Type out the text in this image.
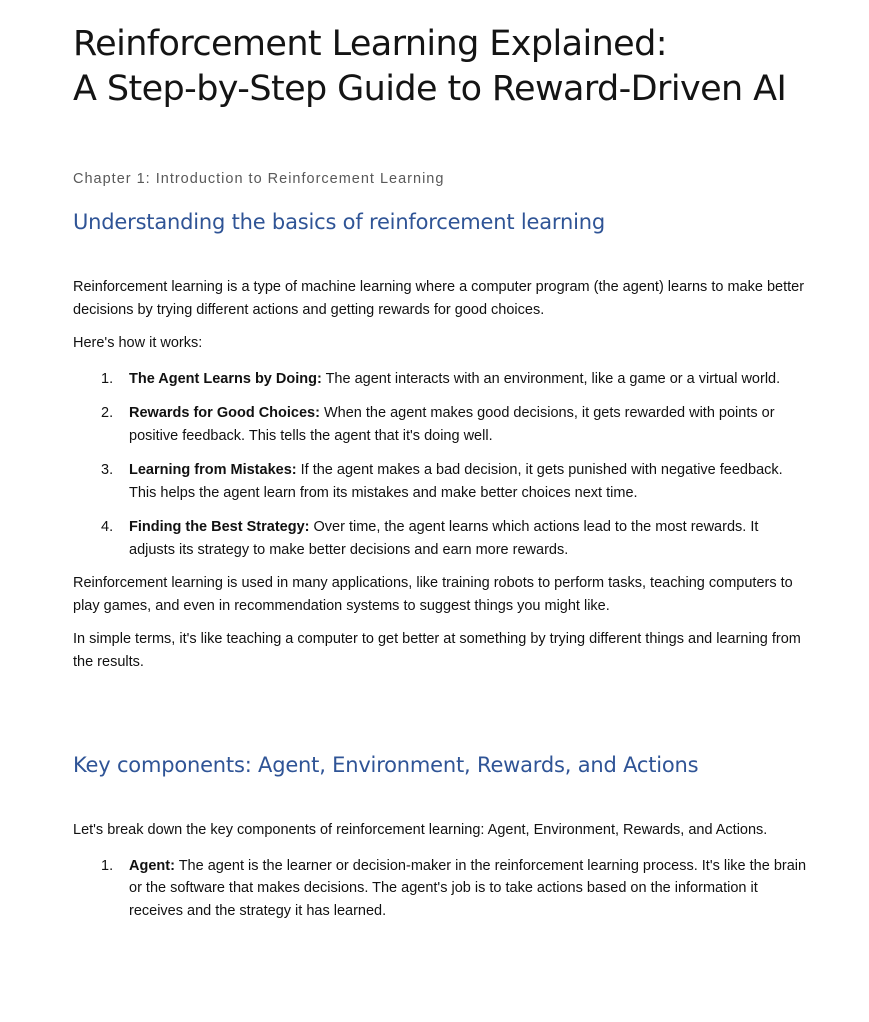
Reinforcement Learning Explained:
A Step-by-Step Guide to Reward-Driven AI
Chapter 1: Introduction to Reinforcement Learning
Understanding the basics of reinforcement learning

Reinforcement learning is a type of machine learning where a computer program (the agent) learns to make better decisions by trying different actions and getting rewards for good choices.

Here's how it works:

1. The Agent Learns by Doing: The agent interacts with an environment, like a game or a virtual world.
2. Rewards for Good Choices: When the agent makes good decisions, it gets rewarded with points or positive feedback. This tells the agent that it's doing well.
3. Learning from Mistakes: If the agent makes a bad decision, it gets punished with negative feedback. This helps the agent learn from its mistakes and make better choices next time.
4. Finding the Best Strategy: Over time, the agent learns which actions lead to the most rewards. It adjusts its strategy to make better decisions and earn more rewards.

Reinforcement learning is used in many applications, like training robots to perform tasks, teaching computers to play games, and even in recommendation systems to suggest things you might like.

In simple terms, it's like teaching a computer to get better at something by trying different things and learning from the results.

Key components: Agent, Environment, Rewards, and Actions

Let's break down the key components of reinforcement learning: Agent, Environment, Rewards, and Actions.

1. Agent: The agent is the learner or decision-maker in the reinforcement learning process. It's like the brain or the software that makes decisions. The agent's job is to take actions based on the information it receives and the strategy it has learned.
